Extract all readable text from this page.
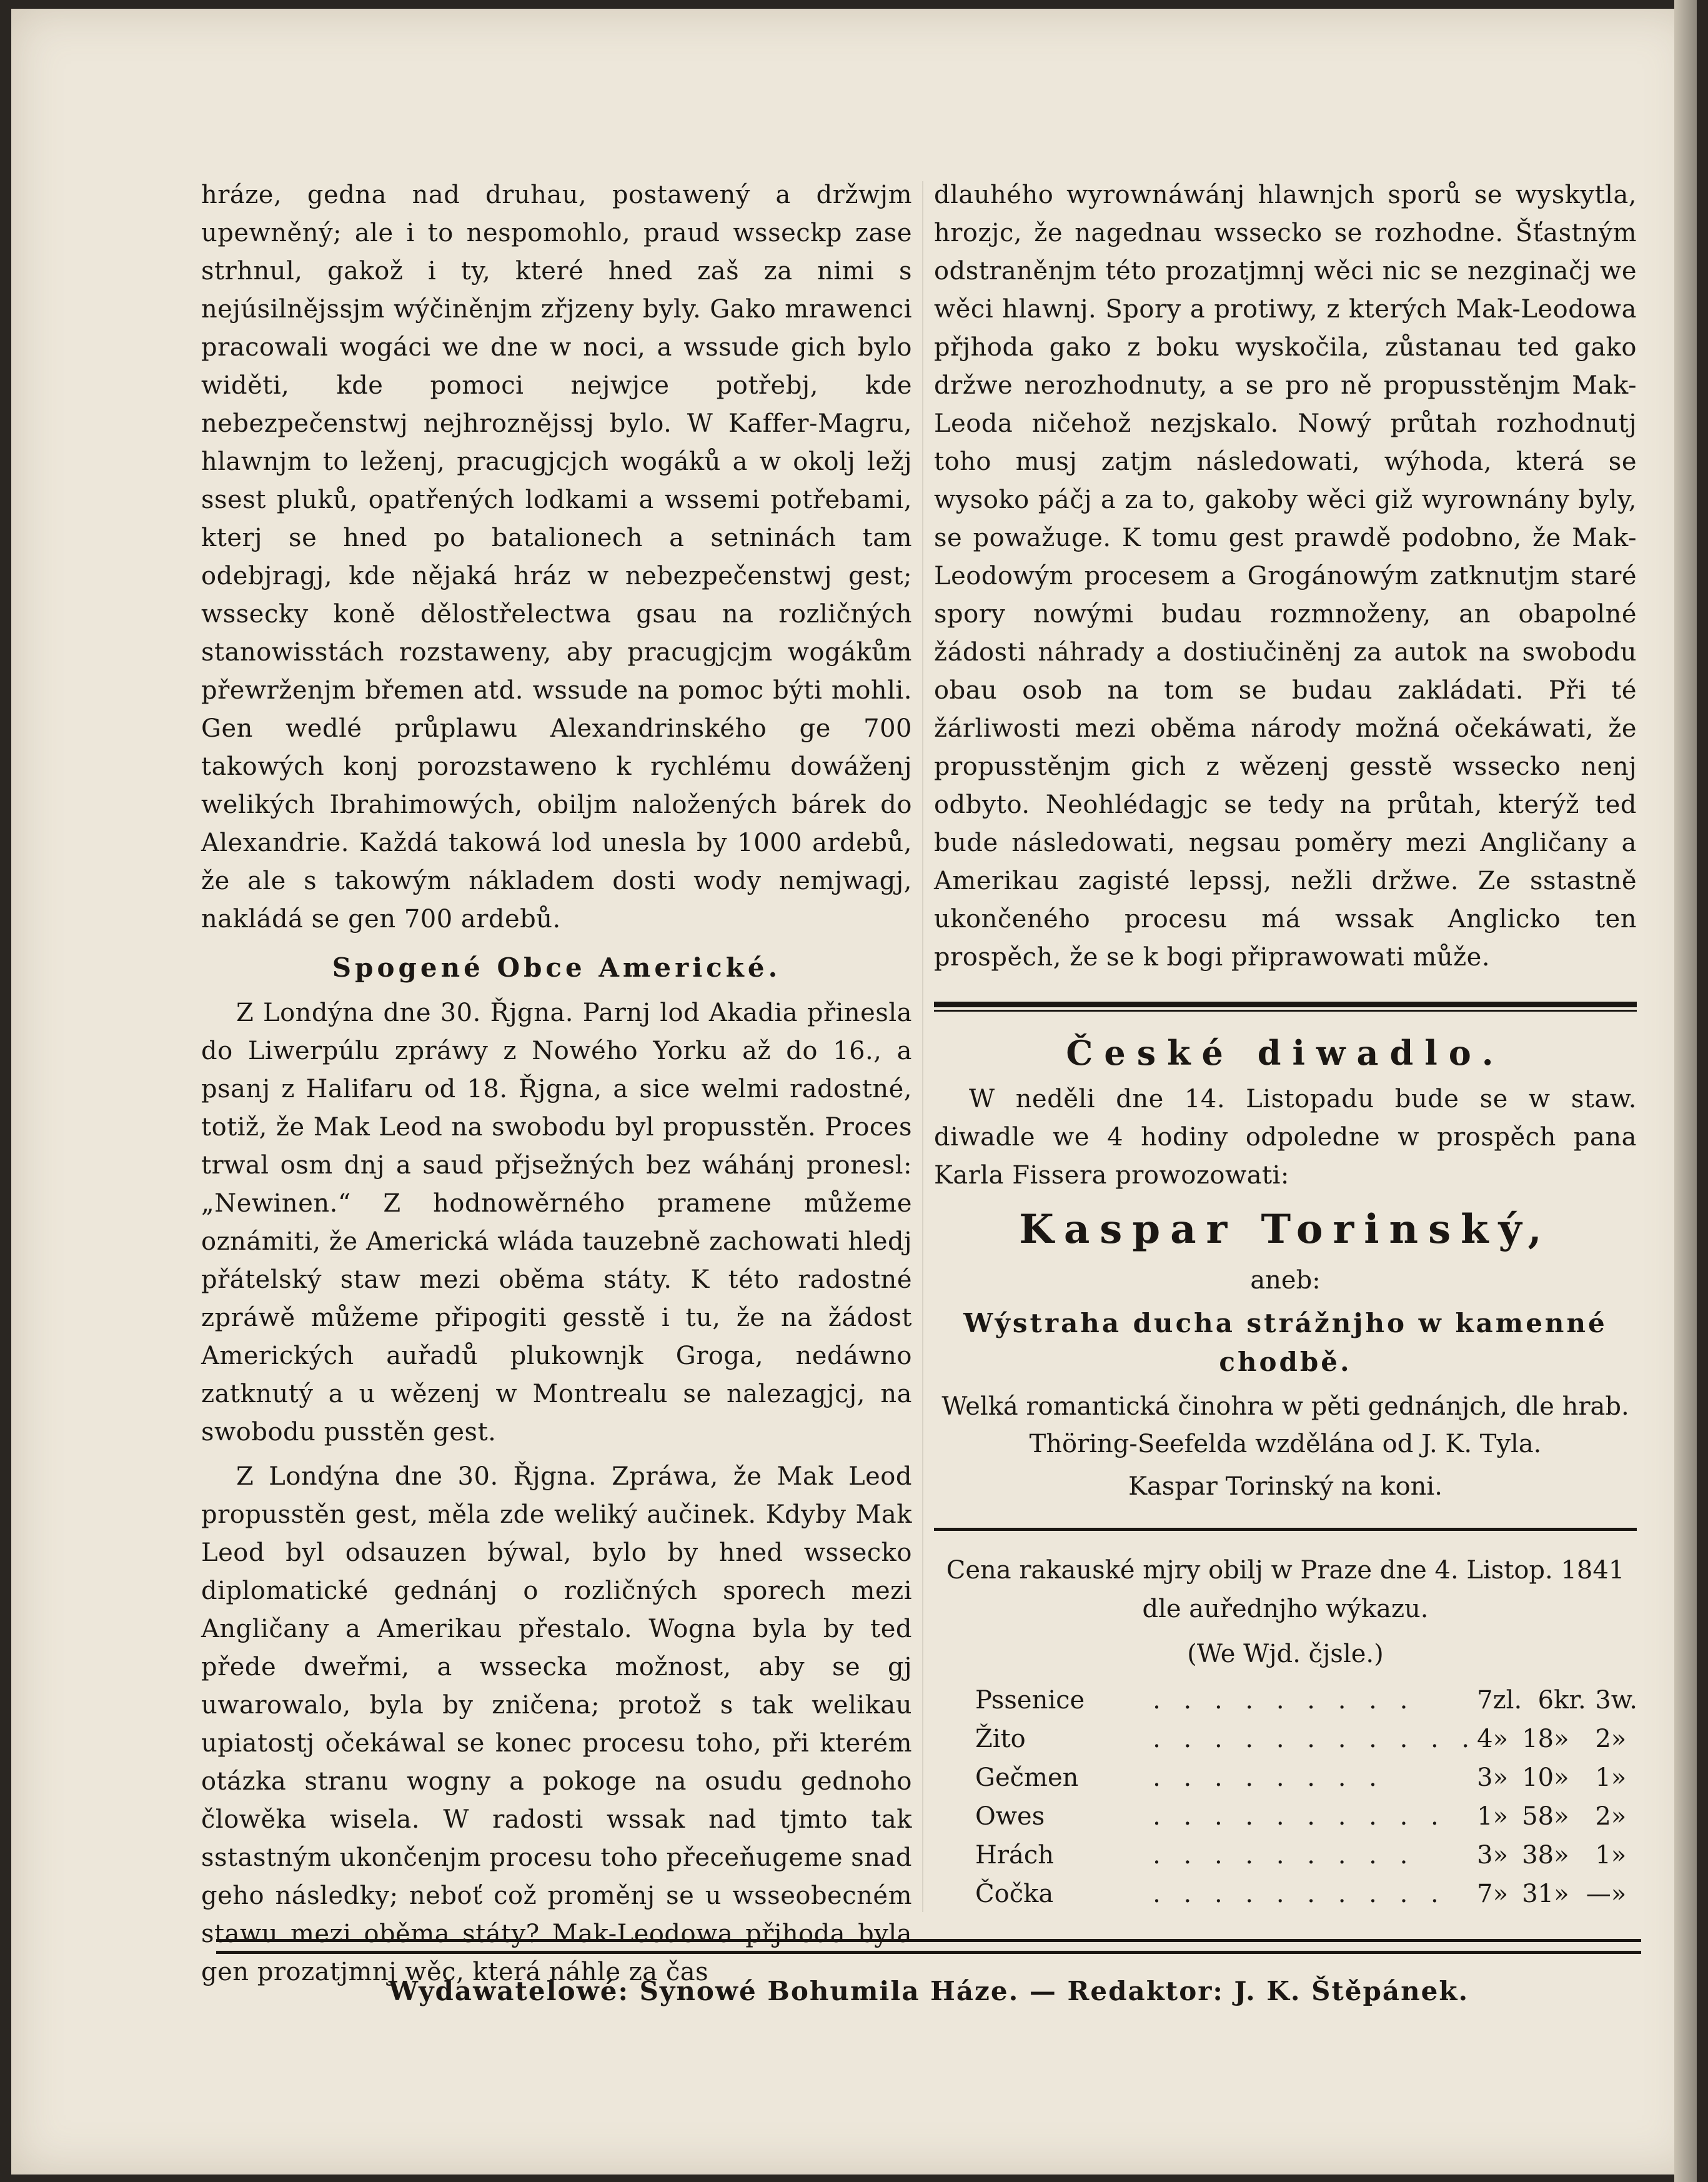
hráze, gedna nad druhau, postawený a držwjm upewněný; ale i to nespomohlo, praud wsseckp zase strhnul, gakož i ty, které hned zaš za nimi s nejúsilnějssjm wýčiněnjm zřjzeny byly. Gako mrawenci pracowali wogáci we dne w noci, a wssude gich bylo widěti, kde pomoci nejwjce potřebj, kde nebezpečenstwj nejhroznějssj bylo. W Kaffer-Magru, hlawnjm to leženj, pracugjcjch wogáků a w okolj ležj ssest pluků, opatřených lodkami a wssemi potřebami, kterj se hned po batalionech a setninách tam odebjragj, kde nějaká hráz w nebezpečenstwj gest; wssecky koně dělostřelectwa gsau na rozličných stanowisstách rozstaweny, aby pracugjcjm wogákům přewrženjm břemen atd. wssude na pomoc býti mohli. Gen wedlé průplawu Alexandrinského ge 700 takowých konj porozstaweno k rychlému dowáženj welikých Ibrahimowých, obilјm naložených bárek do Alexandrie. Každá takowá lod unesla by 1000 ardebů, že ale s takowým nákladem dosti wody nemjwagj, nakládá se gen 700 ardebů.

Spogené Obce Americké.

Z Londýna dne 30. Řjgna. Parnj lod Akadia přinesla do Liwerpúlu zpráwy z Nowého Yorku až do 16., a psanj z Halifaru od 18. Řjgna, a sice welmi radostné, totiž, že Mak Leod na swobodu byl propusstěn. Proces trwal osm dnj a saud přjsežných bez wáhánj pronesl: „Newinen.“ Z hodnowěrného pramene můžeme oznámiti, že Americká wláda tauzebně zachowati hledj přátelský staw mezi oběma státy. K této radostné zpráwě můžeme připogiti gesstě i tu, že na žádost Amerických auřadů plukownjk Groga, nedáwno zatknutý a u wězenj w Montrealu se nalezagjcj, na swobodu pusstěn gest.

Z Londýna dne 30. Řjgna. Zpráwa, že Mak Leod propusstěn gest, měla zde weliký aučinek. Kdyby Mak Leod byl odsauzen býwal, bylo by hned wssecko diplomatické gednánj o rozličných sporech mezi Angličany a Amerikau přestalo. Wogna byla by ted přede dweřmi, a wssecka možnost, aby se gj uwarowalo, byla by zničena; protož s tak welikau upiatostj očekáwal se konec procesu toho, při kterém otázka stranu wogny a pokoge na osudu gednoho člowěka wisela. W radosti wssak nad tjmto tak sstastným ukončenjm procesu toho přeceňugeme snad geho následky; neboť což proměnj se u wsseobecném stawu mezi oběma státy? Mak-Leodowa přjhoda byla gen prozatjmnj wěc, která náhle za čas

dlauhého wyrownáwánj hlawnjch sporů se wyskytla, hrozjc, že nagednau wssecko se rozhodne. Šťastným odstraněnjm této prozatjmnj wěci nic se nezginačj we wěci hlawnj. Spory a protiwy, z kterých Mak-Leodowa přjhoda gako z boku wyskočila, zůstanau ted gako držwe nerozhodnuty, a se pro ně propusstěnjm Mak-Leoda ničehož nezjskalo. Nowý průtah rozhodnutj toho musj zatjm následowati, wýhoda, která se wysoko páčj a za to, gakoby wěci giž wyrownány byly, se powažuge. K tomu gest prawdě podobno, že Mak-Leodowým procesem a Grogánowým zatknutjm staré spory nowými budau rozmnoženy, an obapolné žádosti náhrady a dostiučiněnj za autok na swobodu obau osob na tom se budau zakládati. Při té žárliwosti mezi oběma národy možná očekáwati, že propusstěnjm gich z wězenj gesstě wssecko nenj odbyto. Neohlédagjc se tedy na průtah, kterýž ted bude následowati, negsau poměry mezi Angličany a Amerikau zagisté lepssj, nežli držwe. Ze sstastně ukončeného procesu má wssak Anglicko ten prospěch, že se k bogi připrawowati může.

České diwadlo.

W neděli dne 14. Listopadu bude se w staw. diwadle we 4 hodiny odpoledne w prospěch pana Karla Fissera prowozowati:

Kaspar Torinský,

aneb:

Wýstraha ducha strážnjho w kamenné chodbě.

Welká romantická činohra w pěti gednánjch, dle hrab. Thöring-Seefelda wzdělána od J. K. Tyla.

Kaspar Torinský na koni.

Cena rakauské mjry obilj w Praze dne 4. Listop. 1841 dle auřednjho wýkazu.

(We Wjd. čjsle.)

Pssenice	. . . . . . . . .	7	zl.	6	kr.	3	w.
Žito	. . . . . . . . . . .	4	»	18	»	2	»
Gečmen	. . . . . . . .	3	»	10	»	1	»
Owes	. . . . . . . . . .	1	»	58	»	2	»
Hrách	. . . . . . . . .	3	»	38	»	1	»
Čočka	. . . . . . . . . .	7	»	31	»	—	»

Wydawatelowé: Synowé Bohumila Háze. — Redaktor: J. K. Štěpánek.
